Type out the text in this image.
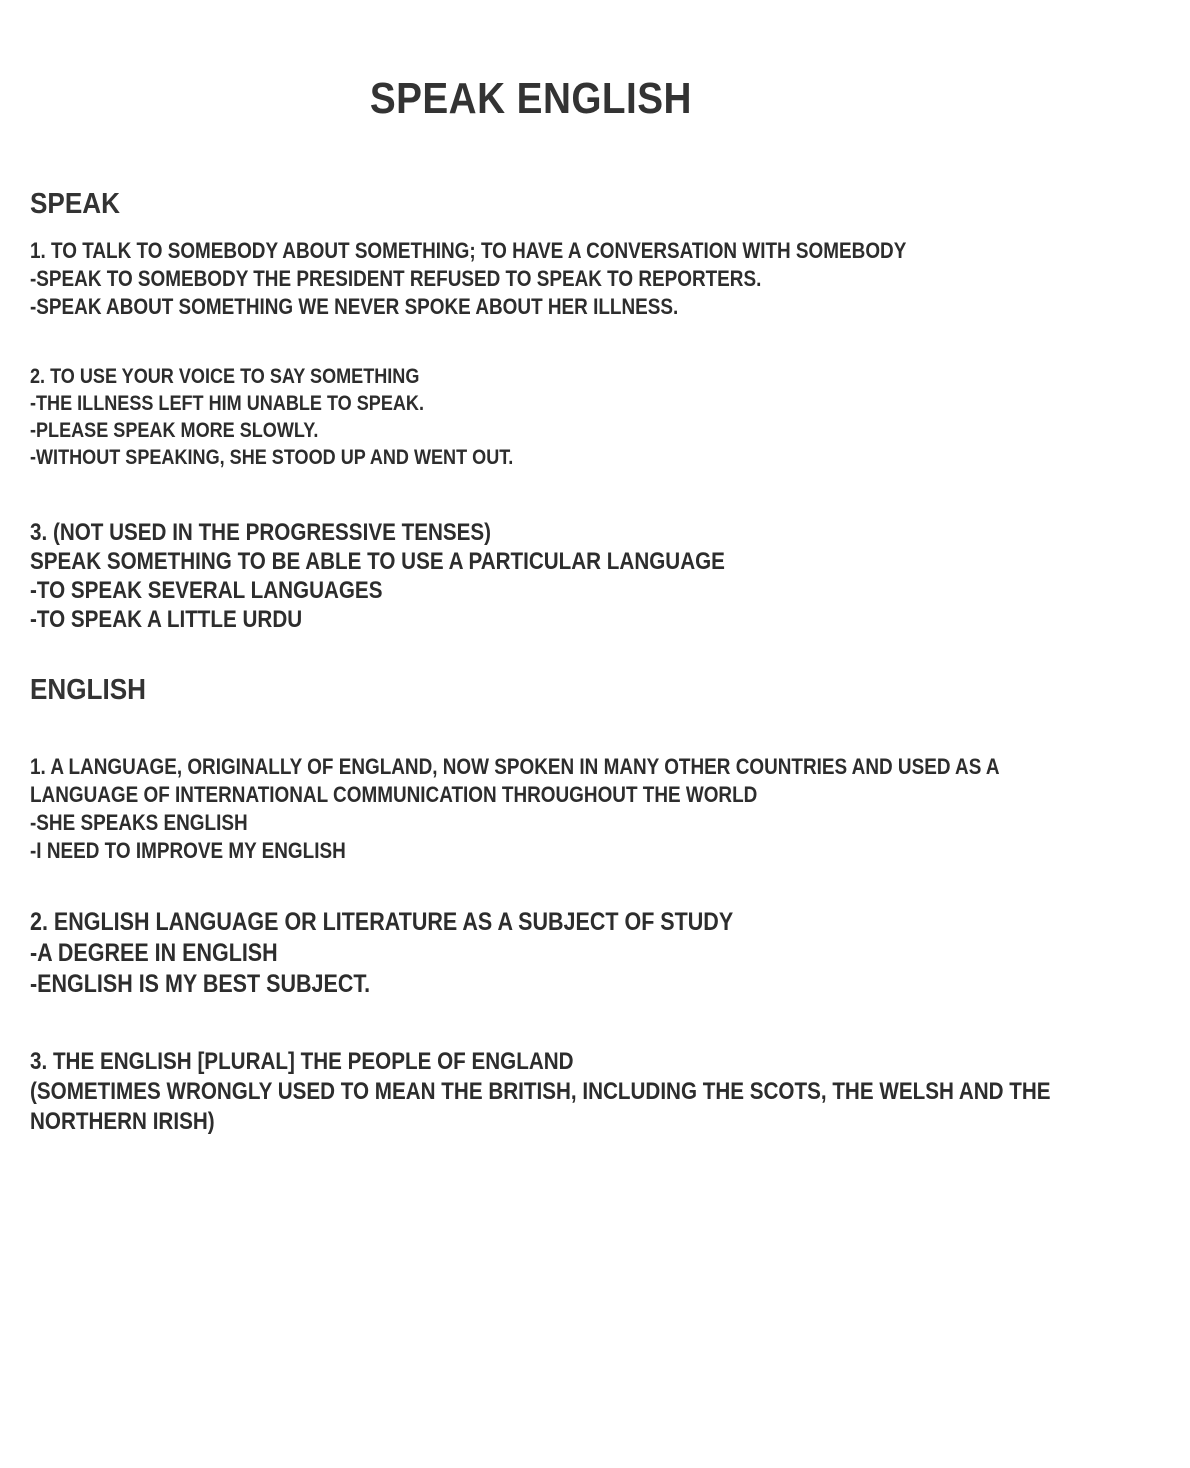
SPEAK ENGLISH
SPEAK
1. TO TALK TO SOMEBODY ABOUT SOMETHING; TO HAVE A CONVERSATION WITH SOMEBODY
-SPEAK TO SOMEBODY THE PRESIDENT REFUSED TO SPEAK TO REPORTERS.
-SPEAK ABOUT SOMETHING WE NEVER SPOKE ABOUT HER ILLNESS.
2. TO USE YOUR VOICE TO SAY SOMETHING
-THE ILLNESS LEFT HIM UNABLE TO SPEAK.
-PLEASE SPEAK MORE SLOWLY.
-WITHOUT SPEAKING, SHE STOOD UP AND WENT OUT.
3. (NOT USED IN THE PROGRESSIVE TENSES)
SPEAK SOMETHING TO BE ABLE TO USE A PARTICULAR LANGUAGE
-TO SPEAK SEVERAL LANGUAGES
-TO SPEAK A LITTLE URDU
ENGLISH
1. A LANGUAGE, ORIGINALLY OF ENGLAND, NOW SPOKEN IN MANY OTHER COUNTRIES AND USED AS A
LANGUAGE OF INTERNATIONAL COMMUNICATION THROUGHOUT THE WORLD
-SHE SPEAKS ENGLISH
-I NEED TO IMPROVE MY ENGLISH
2. ENGLISH LANGUAGE OR LITERATURE AS A SUBJECT OF STUDY
-A DEGREE IN ENGLISH
-ENGLISH IS MY BEST SUBJECT.
3. THE ENGLISH [PLURAL] THE PEOPLE OF ENGLAND
(SOMETIMES WRONGLY USED TO MEAN THE BRITISH, INCLUDING THE SCOTS, THE WELSH AND THE
NORTHERN IRISH)
